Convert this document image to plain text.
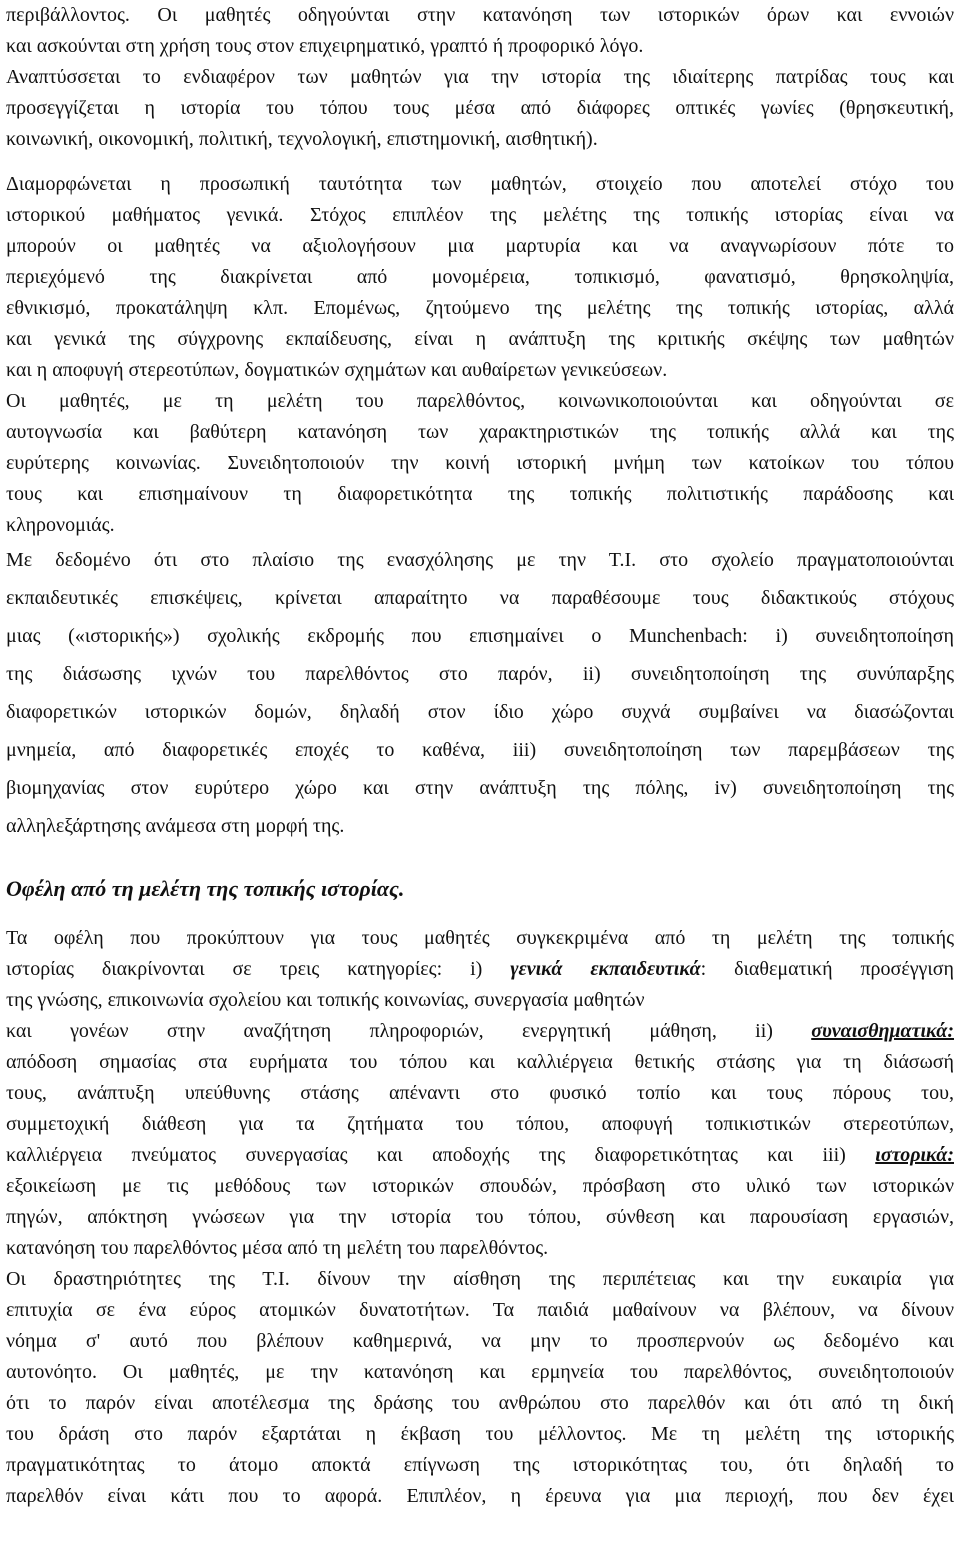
περιβάλλοντος. Οι μαθητές οδηγούνται στην κατανόηση των ιστορικών όρων και εννοιών
και ασκούνται στη χρήση τους στον επιχειρηματικό, γραπτό ή προφορικό λόγο.
Αναπτύσσεται το ενδιαφέρον των μαθητών για την ιστορία της ιδιαίτερης πατρίδας τους και
προσεγγίζεται η ιστορία του τόπου τους μέσα από διάφορες οπτικές γωνίες (θρησκευτική,
κοινωνική, οικονομική, πολιτική, τεχνολογική, επιστημονική, αισθητική).
Διαμορφώνεται η προσωπική ταυτότητα των μαθητών, στοιχείο που αποτελεί στόχο του
ιστορικού μαθήματος γενικά. Στόχος επιπλέον της μελέτης της τοπικής ιστορίας είναι να
μπορούν οι μαθητές να αξιολογήσουν μια μαρτυρία και να αναγνωρίσουν πότε το
περιεχόμενό της διακρίνεται από μονομέρεια, τοπικισμό, φανατισμό, θρησκοληψία,
εθνικισμό, προκατάληψη κλπ. Επομένως, ζητούμενο της μελέτης της τοπικής ιστορίας, αλλά
και γενικά της σύγχρονης εκπαίδευσης, είναι η ανάπτυξη της κριτικής σκέψης των μαθητών
και η αποφυγή στερεοτύπων, δογματικών σχημάτων και αυθαίρετων γενικεύσεων.
Οι μαθητές, με τη μελέτη του παρελθόντος, κοινωνικοποιούνται και οδηγούνται σε
αυτογνωσία και βαθύτερη κατανόηση των χαρακτηριστικών της τοπικής αλλά και της
ευρύτερης κοινωνίας. Συνειδητοποιούν την κοινή ιστορική μνήμη των κατοίκων του τόπου
τους και επισημαίνουν τη διαφορετικότητα της τοπικής πολιτιστικής παράδοσης και
κληρονομιάς.
Με δεδομένο ότι στο πλαίσιο της ενασχόλησης με την Τ.Ι. στο σχολείο πραγματοποιούνται
εκπαιδευτικές επισκέψεις, κρίνεται απαραίτητο να παραθέσουμε τους διδακτικούς στόχους
μιας («ιστορικής») σχολικής εκδρομής που επισημαίνει ο Munchenbach: i) συνειδητοποίηση
της διάσωσης ιχνών του παρελθόντος στο παρόν, ii) συνειδητοποίηση της συνύπαρξης
διαφορετικών ιστορικών δομών, δηλαδή στον ίδιο χώρο συχνά συμβαίνει να διασώζονται
μνημεία, από διαφορετικές εποχές το καθένα, iii) συνειδητοποίηση των παρεμβάσεων της
βιομηχανίας στον ευρύτερο χώρο και στην ανάπτυξη της πόλης, iv) συνειδητοποίηση της
αλληλεξάρτησης ανάμεσα στη μορφή της.
Οφέλη από τη μελέτη της τοπικής ιστορίας.
Τα οφέλη που προκύπτουν για τους μαθητές συγκεκριμένα από τη μελέτη της τοπικής
ιστορίας διακρίνονται σε τρεις κατηγορίες: i) γενικά εκπαιδευτικά: διαθεματική προσέγγιση
της γνώσης, επικοινωνία σχολείου και τοπικής κοινωνίας, συνεργασία μαθητών
και γονέων στην αναζήτηση πληροφοριών, ενεργητική μάθηση, ii) συναισθηματικά:
απόδοση σημασίας στα ευρήματα του τόπου και καλλιέργεια θετικής στάσης για τη διάσωσή
τους, ανάπτυξη υπεύθυνης στάσης απέναντι στο φυσικό τοπίο και τους πόρους του,
συμμετοχική διάθεση για τα ζητήματα του τόπου, αποφυγή τοπικιστικών στερεοτύπων,
καλλιέργεια πνεύματος συνεργασίας και αποδοχής της διαφορετικότητας και iii) ιστορικά:
εξοικείωση με τις μεθόδους των ιστορικών σπουδών, πρόσβαση στο υλικό των ιστορικών
πηγών, απόκτηση γνώσεων για την ιστορία του τόπου, σύνθεση και παρουσίαση εργασιών,
κατανόηση του παρελθόντος μέσα από τη μελέτη του παρελθόντος.
Οι δραστηριότητες της Τ.Ι. δίνουν την αίσθηση της περιπέτειας και την ευκαιρία για
επιτυχία σε ένα εύρος ατομικών δυνατοτήτων. Τα παιδιά μαθαίνουν να βλέπουν, να δίνουν
νόημα σ' αυτό που βλέπουν καθημερινά, να μην το προσπερνούν ως δεδομένο και
αυτονόητο. Οι μαθητές, με την κατανόηση και ερμηνεία του παρελθόντος, συνειδητοποιούν
ότι το παρόν είναι αποτέλεσμα της δράσης του ανθρώπου στο παρελθόν και ότι από τη δική
του δράση στο παρόν εξαρτάται η έκβαση του μέλλοντος. Με τη μελέτη της ιστορικής
πραγματικότητας το άτομο αποκτά επίγνωση της ιστορικότητας του, ότι δηλαδή το
παρελθόν είναι κάτι που το αφορά. Επιπλέον, η έρευνα για μια περιοχή, που δεν έχει
